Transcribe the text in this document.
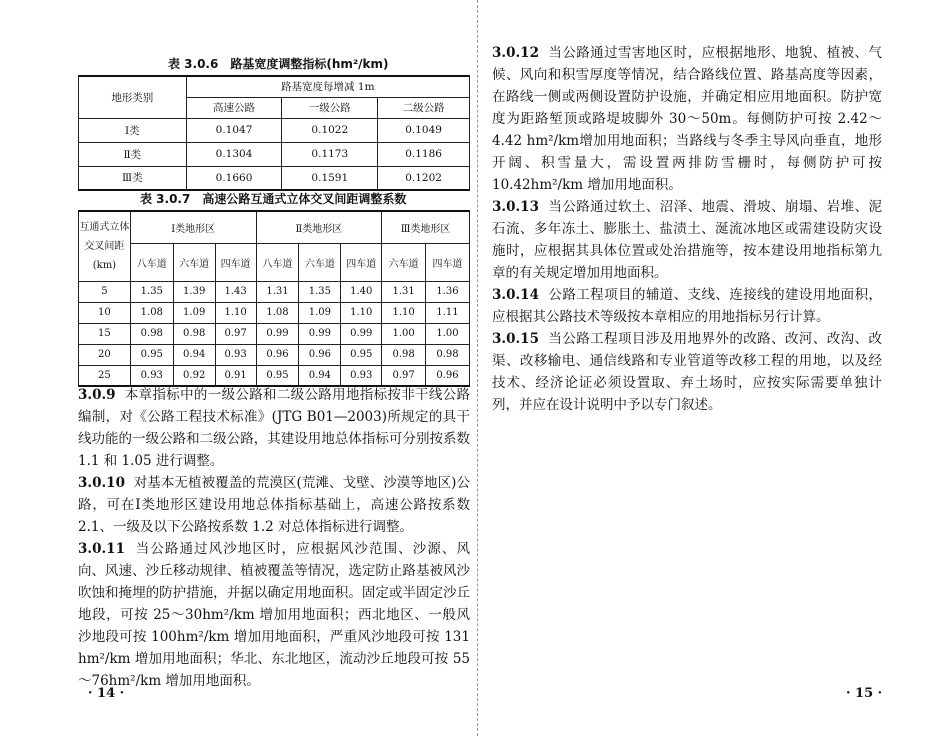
表 3.0.6　路基宽度调整指标(hm²/km)
地形类别	路基宽度每增减 1m		
	高速公路	一级公路	二级公路
Ⅰ类	0.1047	0.1022	0.1049
Ⅱ类	0.1304	0.1173	0.1186
Ⅲ类	0.1660	0.1591	0.1202
表 3.0.7　高速公路互通式立体交叉间距调整系数
互通式立体
交叉间距
(km)	Ⅰ类地形区			Ⅱ类地形区			Ⅲ类地形区	
	八车道	六车道	四车道	八车道	六车道	四车道	六车道	四车道
5	1.35	1.39	1.43	1.31	1.35	1.40	1.31	1.36
10	1.08	1.09	1.10	1.08	1.09	1.10	1.10	1.11
15	0.98	0.98	0.97	0.99	0.99	0.99	1.00	1.00
20	0.95	0.94	0.93	0.96	0.96	0.95	0.98	0.98
25	0.93	0.92	0.91	0.95	0.94	0.93	0.97	0.96
3.0.9 本章指标中的一级公路和二级公路用地指标按非干线公路编制，对《公路工程技术标准》(JTG B01—2003)所规定的具干线功能的一级公路和二级公路，其建设用地总体指标可分别按系数 1.1 和 1.05 进行调整。
3.0.10 对基本无植被覆盖的荒漠区(荒滩、戈壁、沙漠等地区)公路，可在Ⅰ类地形区建设用地总体指标基础上，高速公路按系数 2.1、一级及以下公路按系数 1.2 对总体指标进行调整。
3.0.11 当公路通过风沙地区时，应根据风沙范围、沙源、风向、风速、沙丘移动规律、植被覆盖等情况，选定防止路基被风沙吹蚀和掩埋的防护措施，并据以确定用地面积。固定或半固定沙丘地段，可按 25～30hm²/km 增加用地面积；西北地区、一般风沙地段可按 100hm²/km 增加用地面积，严重风沙地段可按 131 hm²/km 增加用地面积；华北、东北地区，流动沙丘地段可按 55～76hm²/km 增加用地面积。
· 14 ·
3.0.12 当公路通过雪害地区时，应根据地形、地貌、植被、气候、风向和积雪厚度等情况，结合路线位置、路基高度等因素，在路线一侧或两侧设置防护设施，并确定相应用地面积。防护宽度为距路堑顶或路堤坡脚外 30～50m。每侧防护可按 2.42～4.42 hm²/km增加用地面积；当路线与冬季主导风向垂直，地形开阔、积雪量大，需设置两排防雪栅时，每侧防护可按 10.42hm²/km 增加用地面积。
3.0.13 当公路通过软土、沼泽、地震、滑坡、崩塌、岩堆、泥石流、多年冻土、膨胀土、盐渍土、涎流冰地区或需建设防灾设施时，应根据其具体位置或处治措施等，按本建设用地指标第九章的有关规定增加用地面积。
3.0.14 公路工程项目的辅道、支线、连接线的建设用地面积，应根据其公路技术等级按本章相应的用地指标另行计算。
3.0.15 当公路工程项目涉及用地界外的改路、改河、改沟、改渠、改移输电、通信线路和专业管道等改移工程的用地，以及经技术、经济论证必须设置取、弃土场时，应按实际需要单独计列，并应在设计说明中予以专门叙述。
· 15 ·
